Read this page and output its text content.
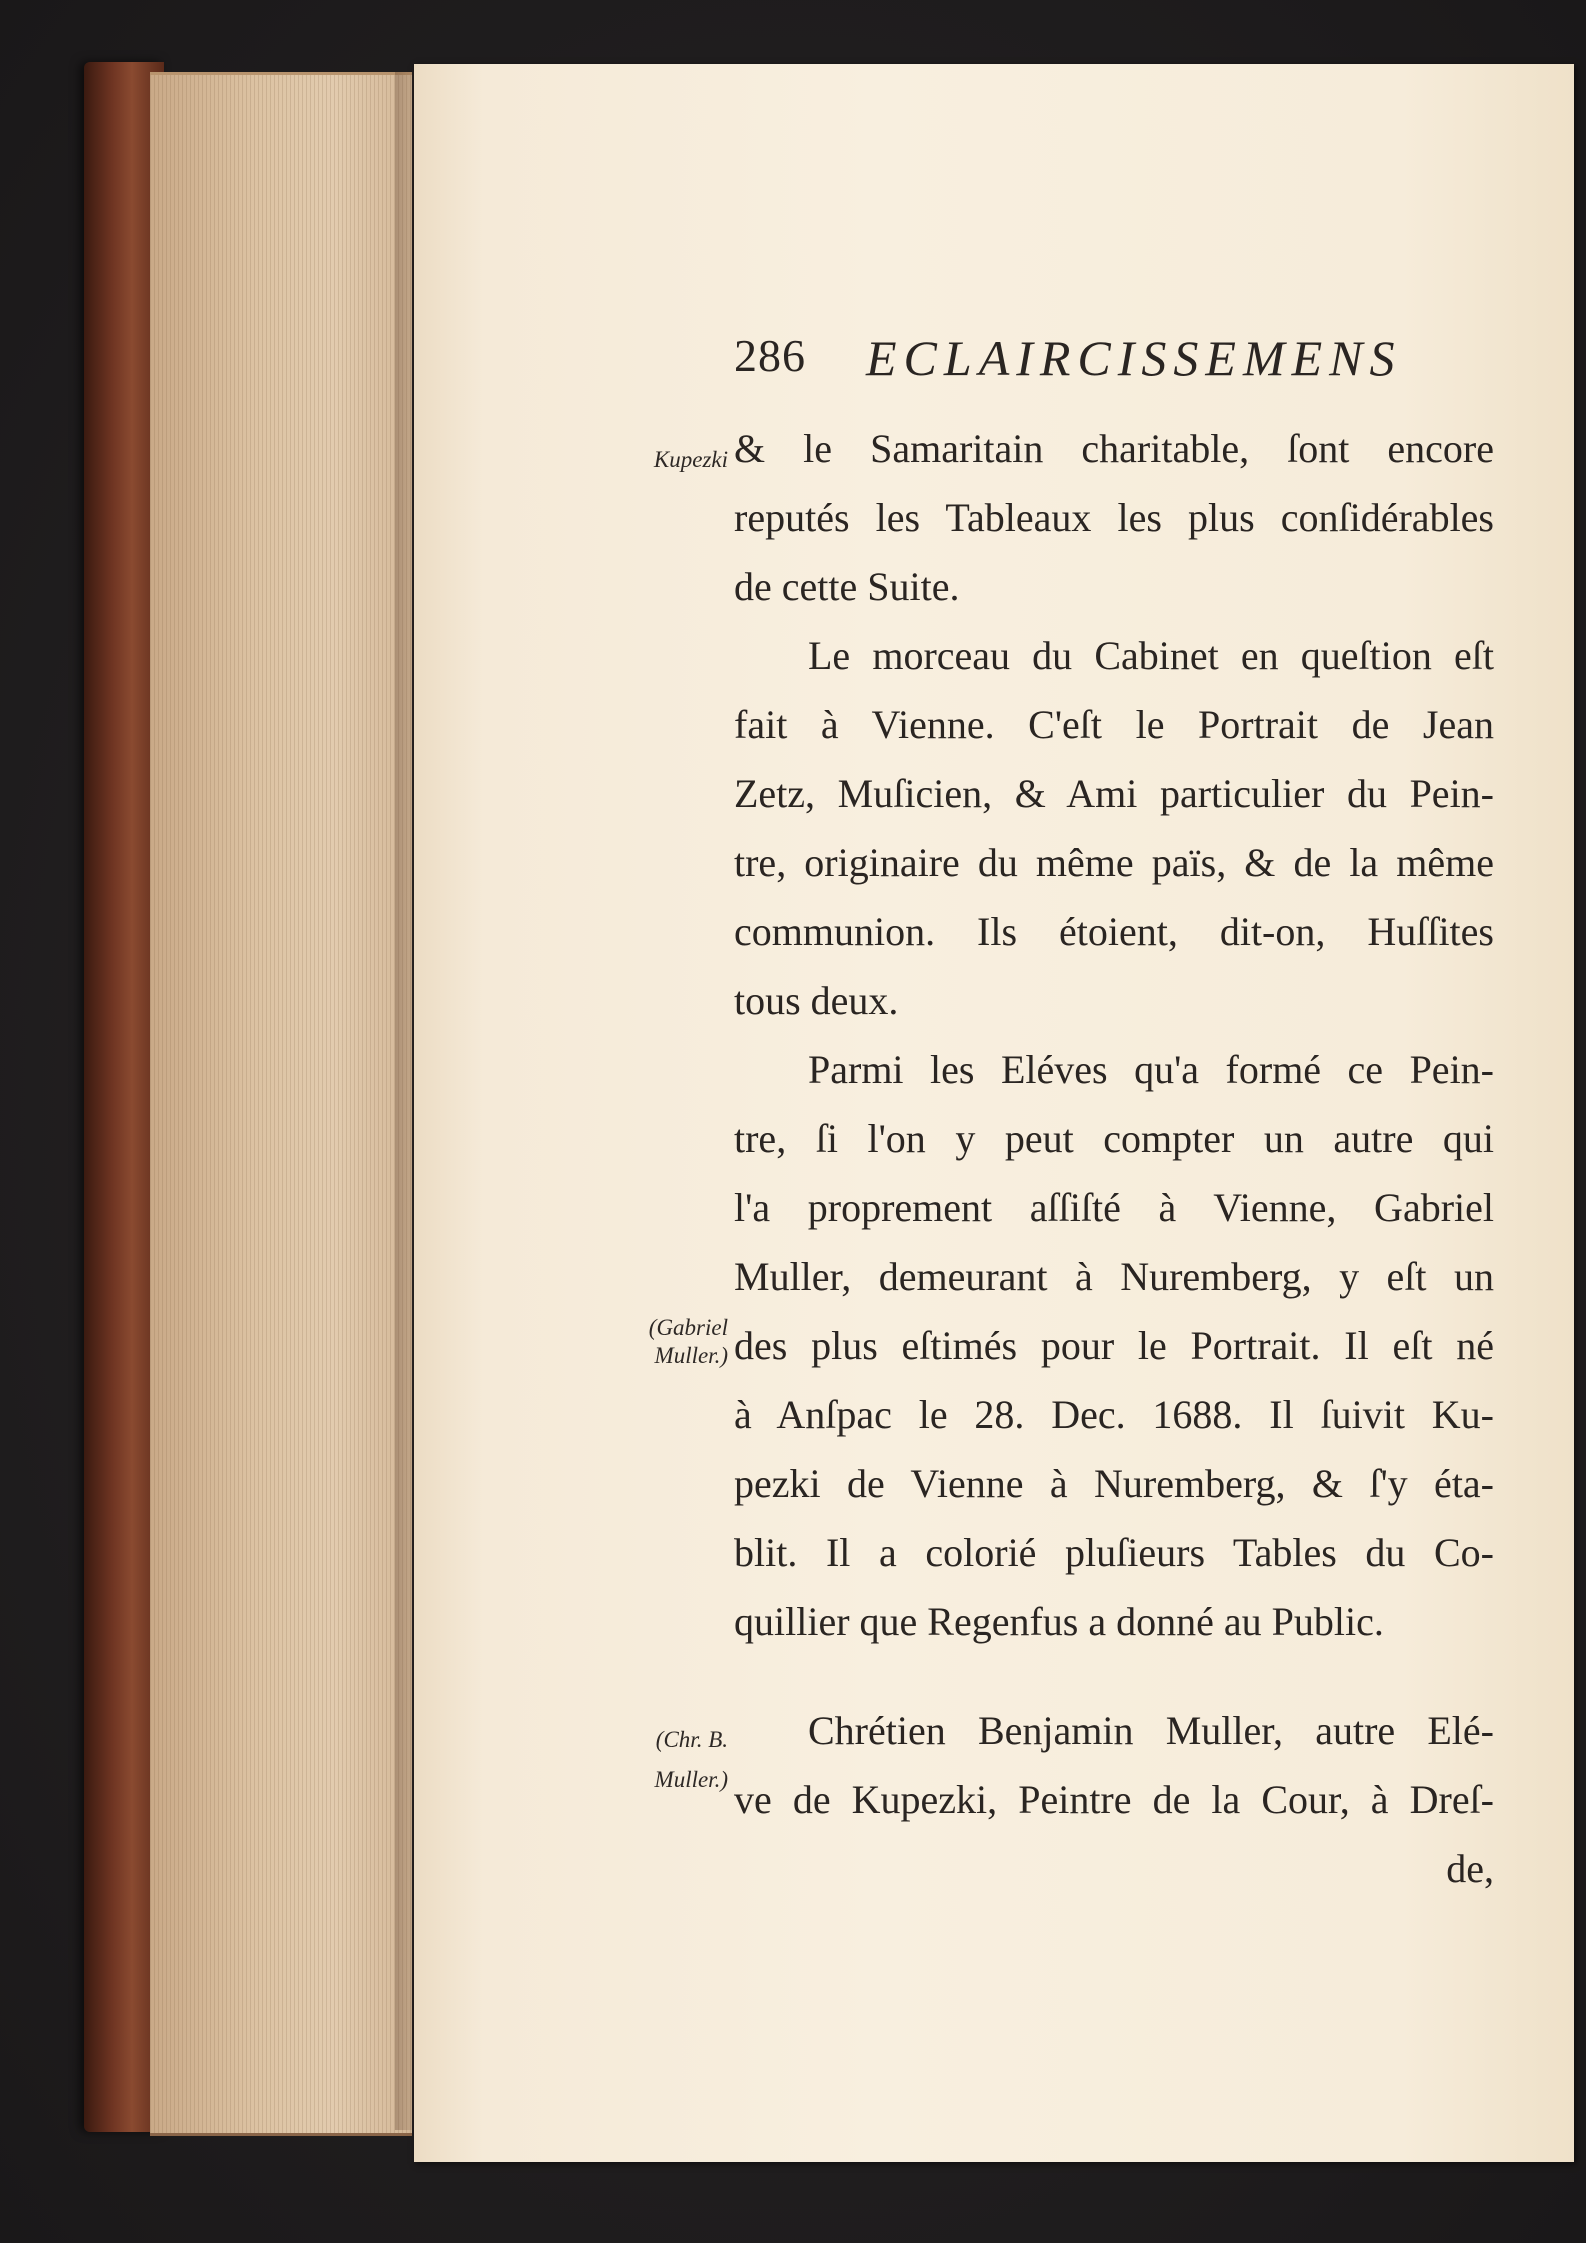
286 ECLAIRCISSEMENS
Kupezki
(Gabriel
Muller.)
(Chr. B.
Muller.)
& le Samaritain charitable, ſont encore
reputés les Tableaux les plus conſidérables
de cette Suite.
Le morceau du Cabinet en queſtion eſt
fait à Vienne. C'eſt le Portrait de Jean
Zetz, Muſicien, & Ami particulier du Pein-
tre, originaire du même païs, & de la même
communion. Ils étoient, dit-on, Huſſites
tous deux.
Parmi les Eléves qu'a formé ce Pein-
tre, ſi l'on y peut compter un autre qui
l'a proprement aſſiſté à Vienne, Gabriel
Muller, demeurant à Nuremberg, y eſt un
des plus eſtimés pour le Portrait. Il eſt né
à Anſpac le 28. Dec. 1688. Il ſuivit Ku-
pezki de Vienne à Nuremberg, & ſ'y éta-
blit. Il a colorié pluſieurs Tables du Co-
quillier que Regenfus a donné au Public.
Chrétien Benjamin Muller, autre Elé-
ve de Kupezki, Peintre de la Cour, à Dreſ-
de,
